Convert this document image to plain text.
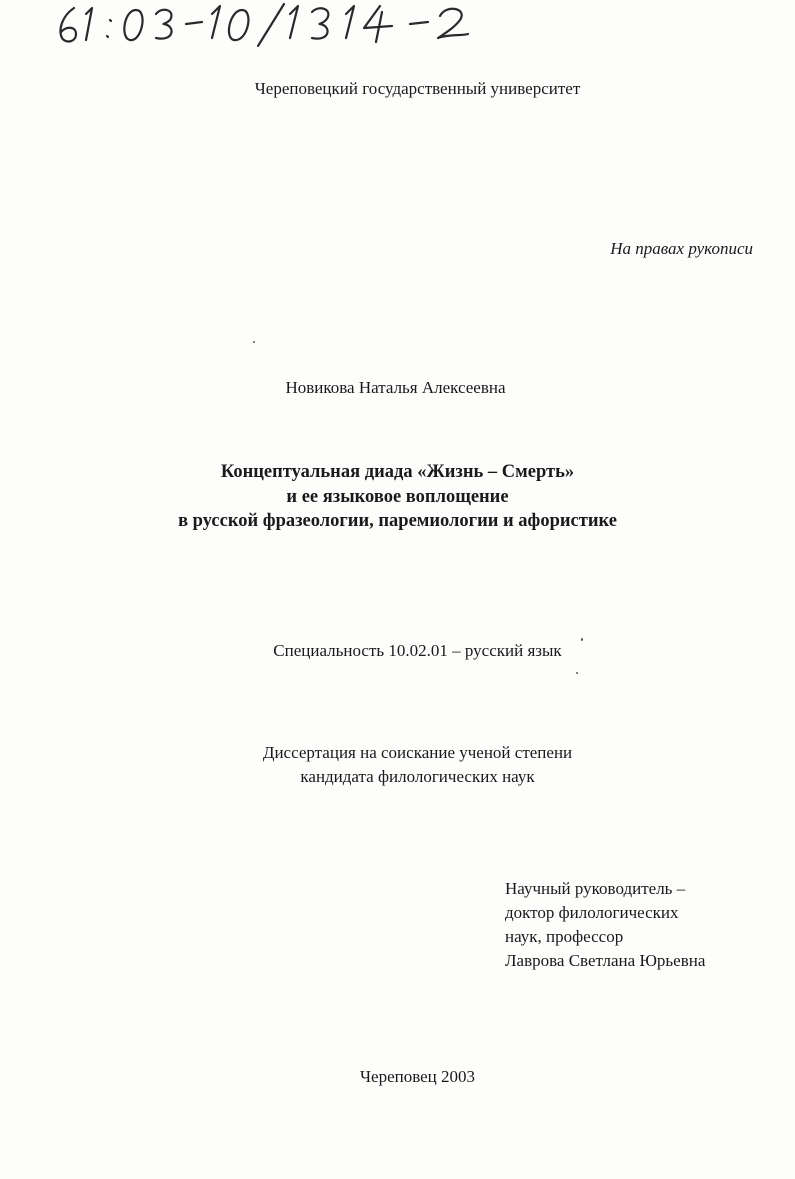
Череповецкий государственный университет
На правах рукописи
Новикова Наталья Алексеевна
Концептуальная диада «Жизнь – Смерть»
и ее языковое воплощение
в русской фразеологии, паремиологии и афористике
Специальность 10.02.01 – русский язык
Диссертация на соискание ученой степени
кандидата филологических наук
Научный руководитель –
доктор филологических
наук, профессор
Лаврова Светлана Юрьевна
Череповец 2003
